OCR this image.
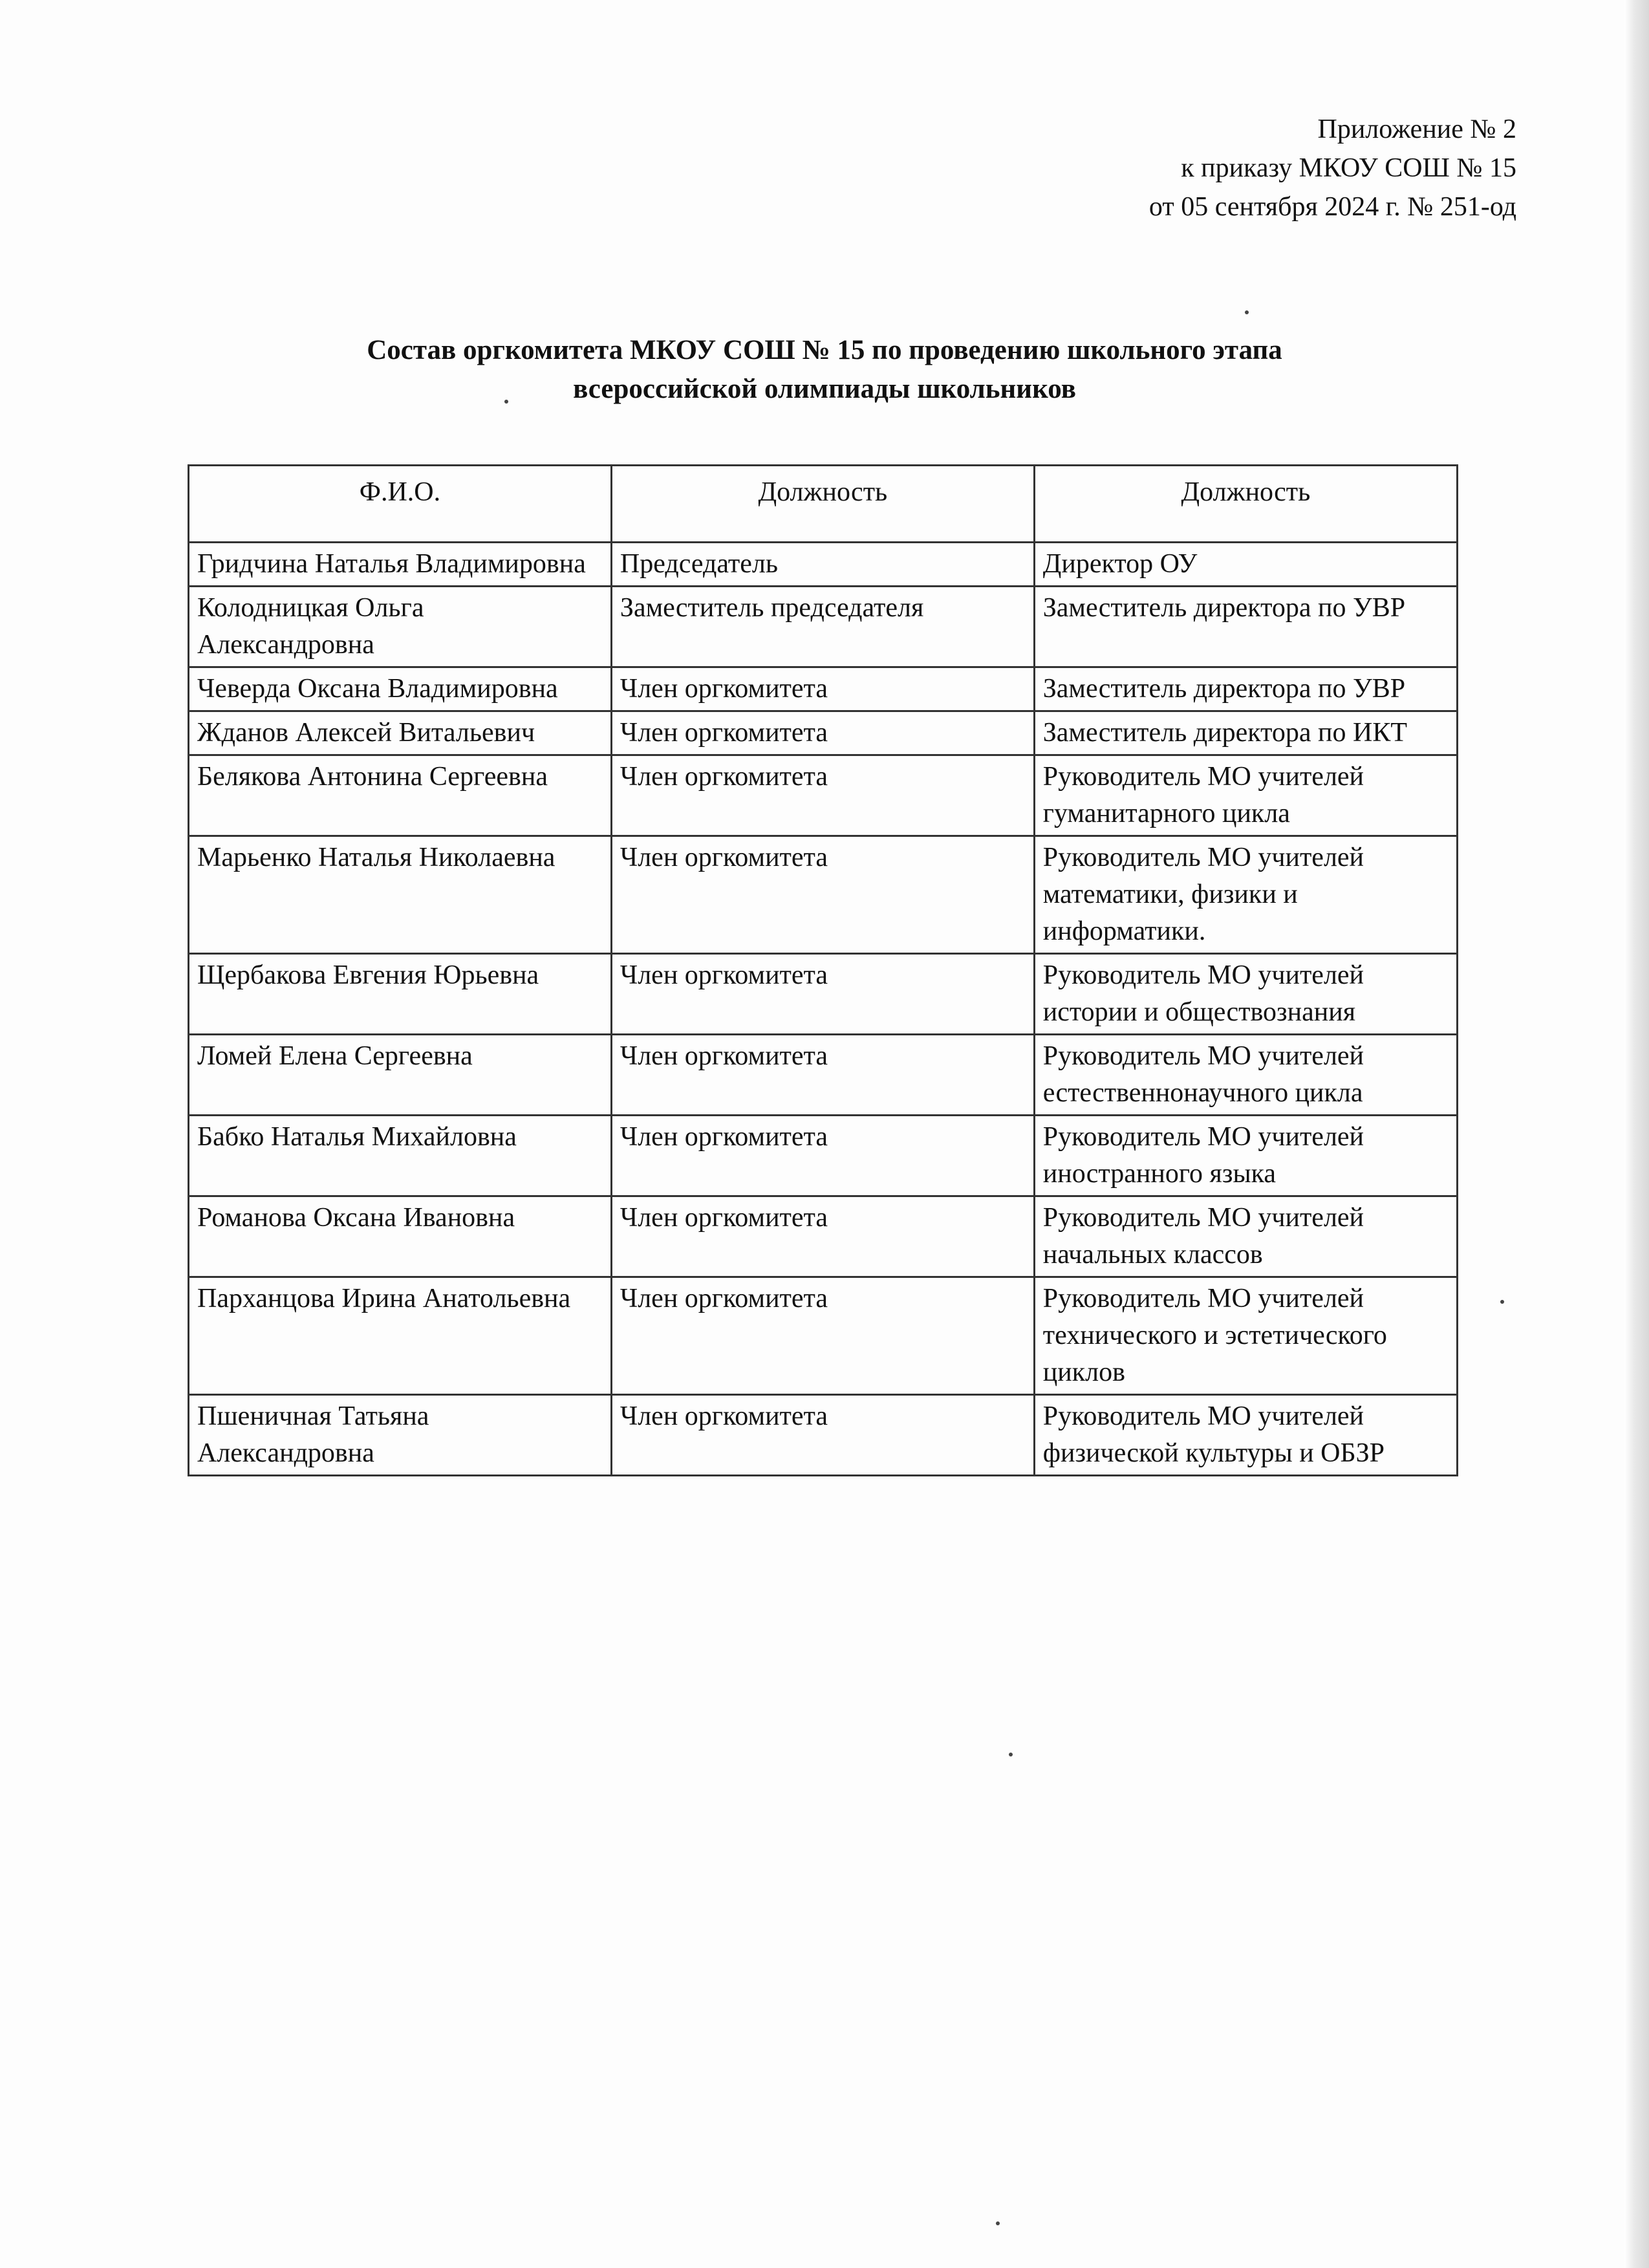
Приложение № 2
к приказу МКОУ СОШ № 15
от 05 сентября 2024 г. № 251-од
Состав оргкомитета МКОУ СОШ № 15 по проведению школьного этапа
всероссийской олимпиады школьников
Ф.И.О.	Должность	Должность
Гридчина Наталья Владимировна	Председатель	Директор ОУ
Колодницкая Ольга Александровна	Заместитель председателя	Заместитель директора по УВР
Чеверда Оксана Владимировна	Член оргкомитета	Заместитель директора по УВР
Жданов Алексей Витальевич	Член оргкомитета	Заместитель директора по ИКТ
Белякова Антонина Сергеевна	Член оргкомитета	Руководитель МО учителей гуманитарного цикла
Марьенко Наталья Николаевна	Член оргкомитета	Руководитель МО учителей математики, физики и информатики.
Щербакова Евгения Юрьевна	Член оргкомитета	Руководитель МО учителей истории и обществознания
Ломей Елена Сергеевна	Член оргкомитета	Руководитель МО учителей естественнонаучного цикла
Бабко Наталья Михайловна	Член оргкомитета	Руководитель МО учителей иностранного языка
Романова Оксана Ивановна	Член оргкомитета	Руководитель МО учителей начальных классов
Парханцова Ирина Анатольевна	Член оргкомитета	Руководитель МО учителей технического и эстетического циклов
Пшеничная Татьяна Александровна	Член оргкомитета	Руководитель МО учителей физической культуры и ОБЗР
